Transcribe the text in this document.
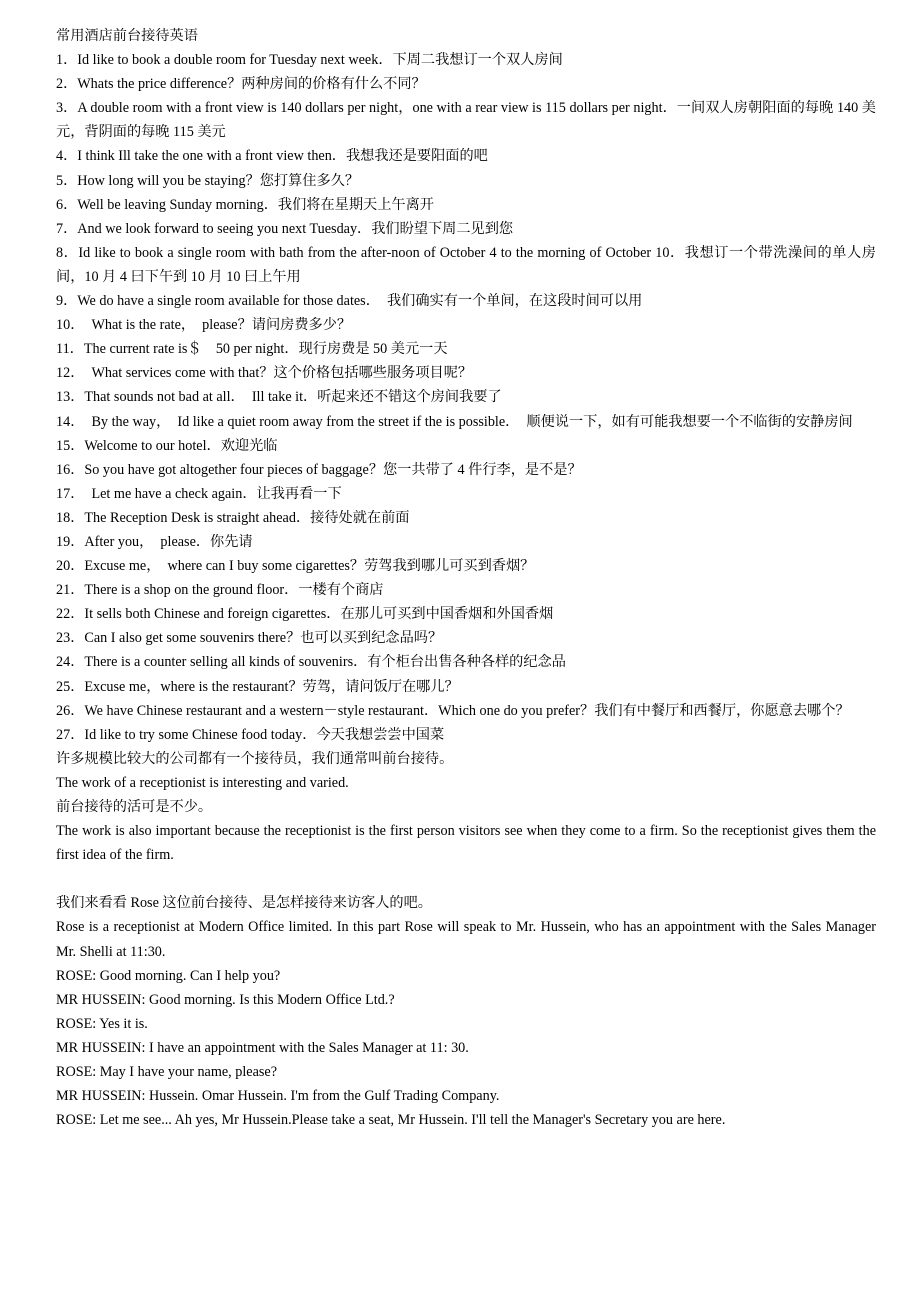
常用酒店前台接待英语

1．Id like to book a double room for Tuesday next week．下周二我想订一个双人房间

2．Whats the price difference？两种房间的价格有什么不同？

3．A double room with a front view is 140 dollars per night，one with a rear view is 115 dollars per night．一间双人房朝阳面的每晚 140 美元，背阴面的每晚 115 美元

4．I think Ill take the one with a front view then．我想我还是要阳面的吧

5．How long will you be staying？您打算住多久？

6．Well be leaving Sunday morning．我们将在星期天上午离开

7．And we look forward to seeing you next Tuesday．我们盼望下周二见到您

8．Id like to book a single room with bath from the after-noon of October 4 to the morning of October 10．我想订一个带洗澡间的单人房间，10 月 4 曰下午到 10 月 10 曰上午用

9．We do have a single room available for those dates．　我们确实有一个单间，在这段时间可以用

10．　What is the rate，　please？请问房费多少？

11．The current rate is＄　50 per night．现行房费是 50 美元一天

12．　What services come with that？这个价格包括哪些服务项目呢？

13．That sounds not bad at all．　Ill take it．听起来还不错这个房间我要了

14．　By the way，　Id like a quiet room away from the street if the is possible．　顺便说一下，如有可能我想要一个不临街的安静房间

15．Welcome to our hotel．欢迎光临

16．So you have got altogether four pieces of baggage？您一共带了 4 件行李，是不是？

17．　Let me have a check again．让我再看一下

18．The Reception Desk is straight ahead．接待处就在前面

19．After you，　please．你先请

20．Excuse me，　where can I buy some cigarettes？劳驾我到哪儿可买到香烟？

21．There is a shop on the ground floor．一楼有个商店

22．It sells both Chinese and foreign cigarettes．在那儿可买到中国香烟和外国香烟

23．Can I also get some souvenirs there？也可以买到纪念品吗？

24．There is a counter selling all kinds of souvenirs．有个柜台出售各种各样的纪念品

25．Excuse me，where is the restaurant？劳驾，请问饭厅在哪儿？

26．We have Chinese restaurant and a western－style restaurant．Which one do you prefer？我们有中餐厅和西餐厅，你愿意去哪个？

27．Id like to try some Chinese food today．今天我想尝尝中国菜

许多规模比较大的公司都有一个接待员，我们通常叫前台接待。

The work of a receptionist is interesting and varied.

前台接待的活可是不少。

The work is also important because the receptionist is the first person visitors see when they come to a firm. So the receptionist gives them the first idea of the firm.

我们来看看 Rose 这位前台接待、是怎样接待来访客人的吧。

Rose is a receptionist at Modern Office limited. In this part Rose will speak to Mr. Hussein, who has an appointment with the Sales Manager Mr. Shelli at 11:30.

ROSE: Good morning. Can I help you?

MR HUSSEIN: Good morning. Is this Modern Office Ltd.?

ROSE: Yes it is.

MR HUSSEIN: I have an appointment with the Sales Manager at 11: 30.

ROSE: May I have your name, please?

MR HUSSEIN: Hussein. Omar Hussein. I'm from the Gulf Trading Company.

ROSE: Let me see... Ah yes, Mr Hussein.Please take a seat, Mr Hussein. I'll tell the Manager's Secretary you are here.
